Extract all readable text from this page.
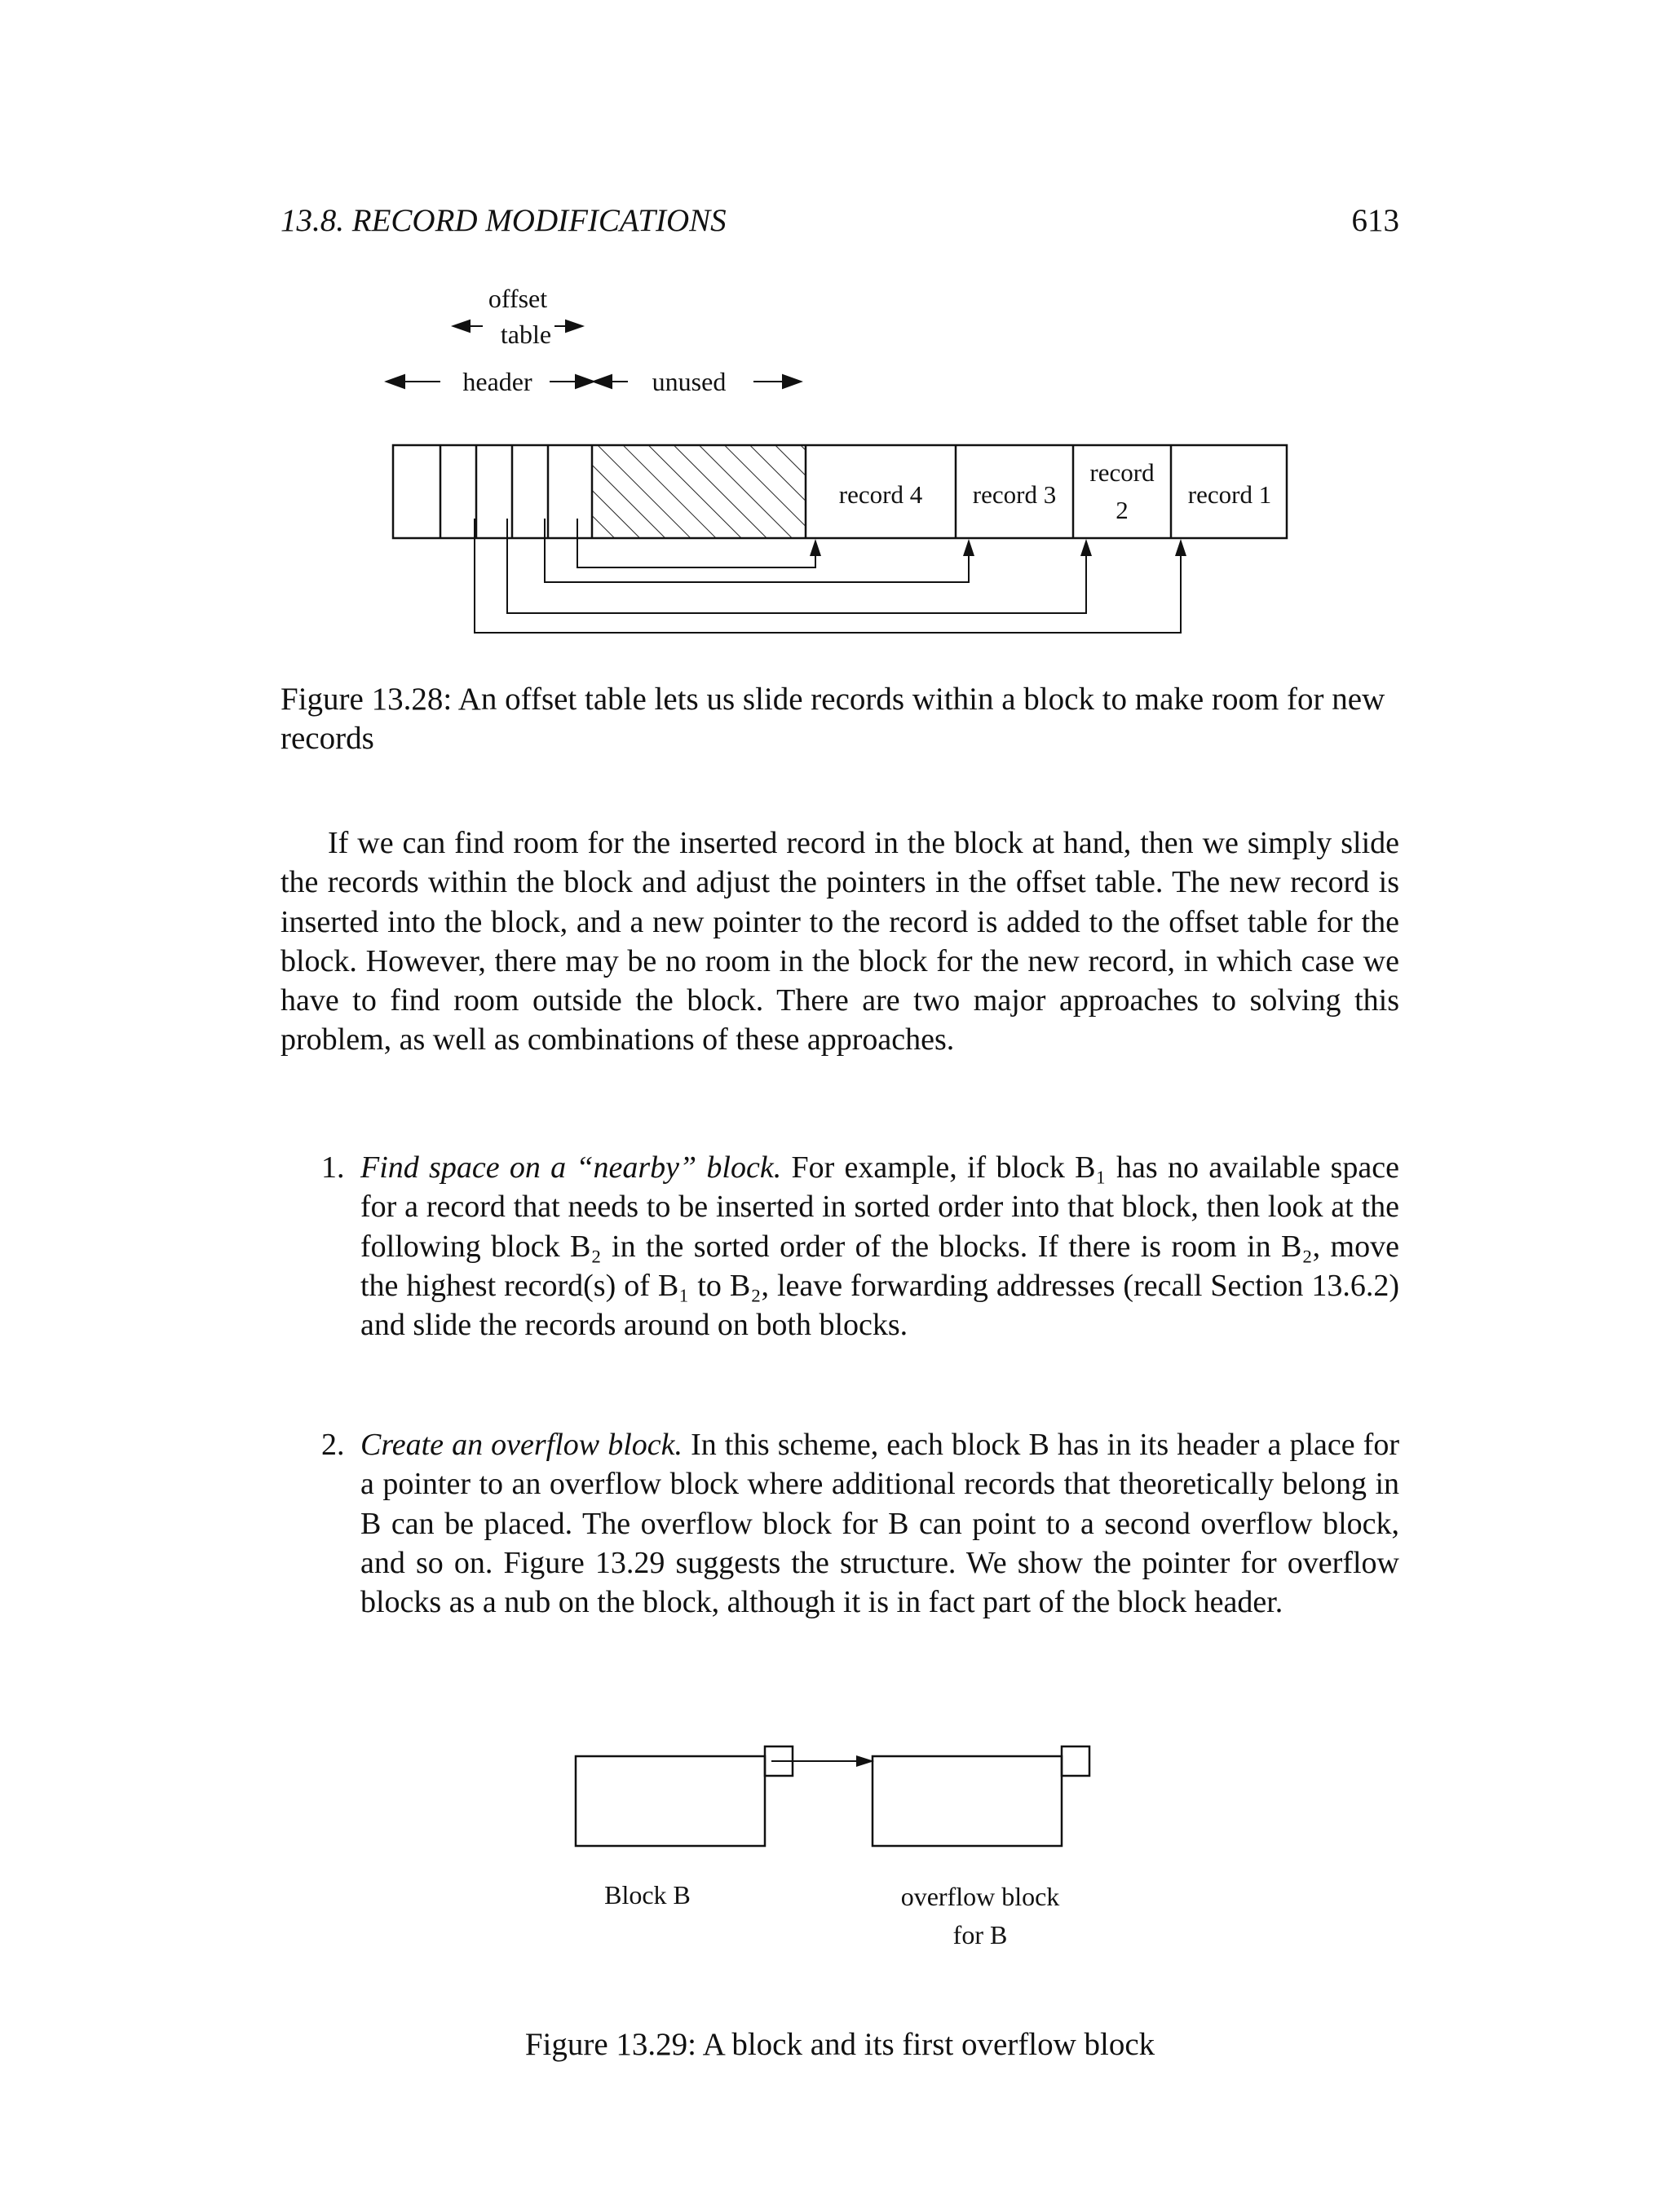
13.8. RECORD MODIFICATIONS	613
offset
table
header	unused
record 4 record 3
record
2
record 1
Figure 13.28: An offset table lets us slide records within a block to make room for new records

If we can find room for the inserted record in the block at hand, then we simply slide the records within the block and adjust the pointers in the offset table. The new record is inserted into the block, and a new pointer to the record is added to the offset table for the block. However, there may be no room in the block for the new record, in which case we have to find room outside the block. There are two major approaches to solving this problem, as well as combinations of these approaches.

1. Find space on a “nearby” block. For example, if block B₁ has no available space for a record that needs to be inserted in sorted order into that block, then look at the following block B₂ in the sorted order of the blocks. If there is room in B₂, move the highest record(s) of B₁ to B₂, leave forwarding addresses (recall Section 13.6.2) and slide the records around on both blocks.
2. Create an overflow block. In this scheme, each block B has in its header a place for a pointer to an overflow block where additional records that theoretically belong in B can be placed. The overflow block for B can point to a second overflow block, and so on. Figure 13.29 suggests the structure. We show the pointer for overflow blocks as a nub on the block, although it is in fact part of the block header.
Block B	overflow block
for B
Figure 13.29: A block and its first overflow block
